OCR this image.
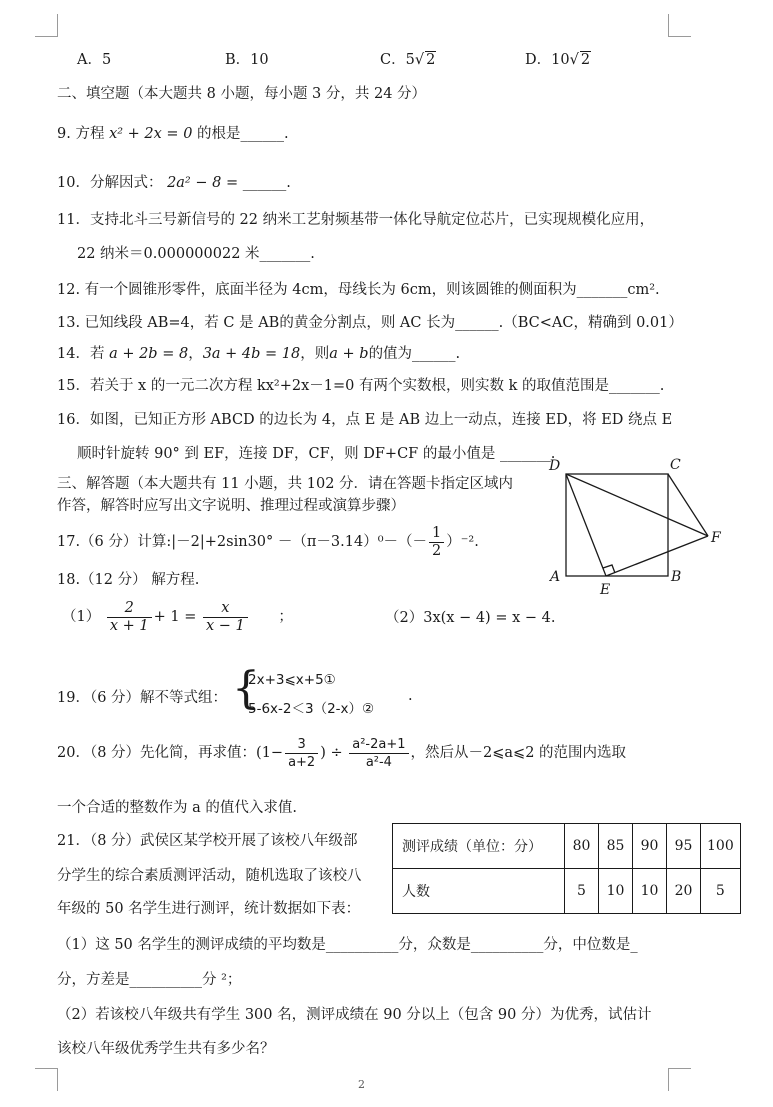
A．5	B．10	C．5√ 2	D．10√ 2
二、填空题（本大题共 8 小题，每小题 3 分，共 24 分）
9. 方程 x² + 2x = 0 的根是______.
10．分解因式： 2a² − 8 = ______.
11．支持北斗三号新信号的 22 纳米工艺射频基带一体化导航定位芯片，已实现规模化应用，
22 纳米＝0.000000022 米_______.
12. 有一个圆锥形零件，底面半径为 4cm，母线长为 6cm，则该圆锥的侧面积为_______cm².
13. 已知线段 AB=4，若 C 是 AB的黄金分割点，则 AC 长为______.（BC<AC，精确到 0.01）
14．若 a + 2b = 8，3a + 4b = 18，则a + b的值为______.
15．若关于 x 的一元二次方程 kx²+2x－1=0 有两个实数根，则实数 k 的取值范围是_______.
16．如图，已知正方形 ABCD 的边长为 4，点 E 是 AB 边上一动点，连接 ED，将 ED 绕点 E
顺时针旋转 90° 到 EF，连接 DF，CF，则 DF+CF 的最小值是 _______.
三、解答题（本大题共有 11 小题，共 102 分．请在答题卡指定区域内
作答，解答时应写出文字说明、推理过程或演算步骤）
D	C
A	B
E
F
17.（6 分）计算:|－2|+2sin30° $-(\pi-3.14)^0-(- \frac{1}{2} )^{-2}$.
18.（12 分） 解方程.
$(1) \frac{2}{x + 1} + 1 = \frac{x}{x - 1}$ ；	（2）3x(x − 4) = x − 4.
19．（6 分）解不等式组： {
2x+3⩽x+5①
5-6x-2＜3（2-x）②
.
20．（8 分）先化简，再求值：($1- \frac{3}{a+2}$ ) ÷ $\frac{\text{a²-2a+1}}{\text{a²-4}}$ ，然后从－2⩽a⩽2 的范围内选取
一个合适的整数作为 a 的值代入求值.
21．（8 分）武侯区某学校开展了该校八年级部
分学生的综合素质测评活动，随机选取了该校八
年级的 50 名学生进行测评，统计数据如下表：
测评成绩（单位：分）	80	85	90	95	100
人数	5	10	10	20	5
（1）这 50 名学生的测评成绩的平均数是__________分，众数是__________分，中位数是_
分，方差是__________分 ²；
（2）若该校八年级共有学生 300 名，测评成绩在 90 分以上（包含 90 分）为优秀，试估计
该校八年级优秀学生共有多少名？
2
